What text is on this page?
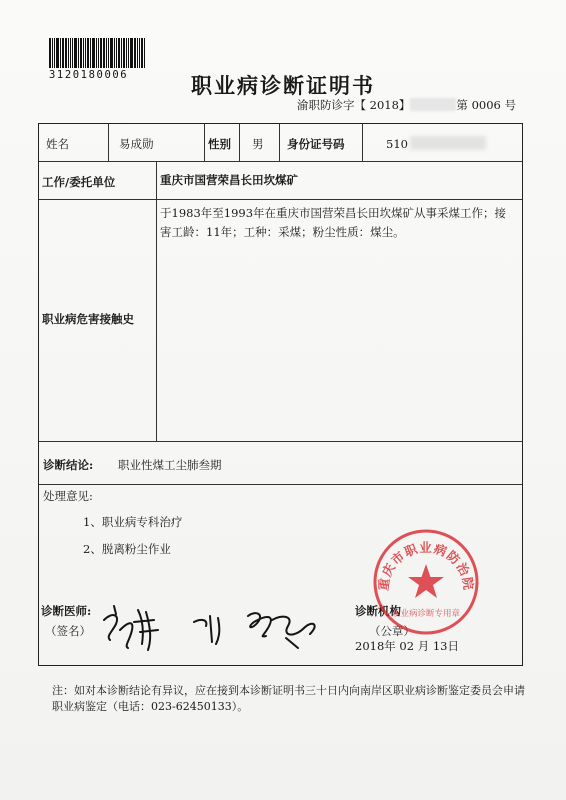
3120180006	职业病诊断证明书
渝职防诊字【 2018】	第 0006 号
姓名	易成勋	性别 男 身份证号码	510
工作/委托单位	重庆市国营荣昌长田坎煤矿
职业病危害接触史
于1983年至1993年在重庆市国营荣昌长田坎煤矿从事采煤工作；接害工龄：11年；工种：采煤；粉尘性质：煤尘。
诊断结论: 职业性煤工尘肺叁期
处理意见:
1、职业病专科治疗
2、脱离粉尘作业
诊断医师:
（签名）
诊断机构
（公章）
2018年 02 月 13日
重庆市职业病防治院
职业病诊断专用章
注：如对本诊断结论有异议，应在接到本诊断证明书三十日内向南岸区职业病诊断鉴定委员会申请职业病鉴定（电话：023-62450133）。
